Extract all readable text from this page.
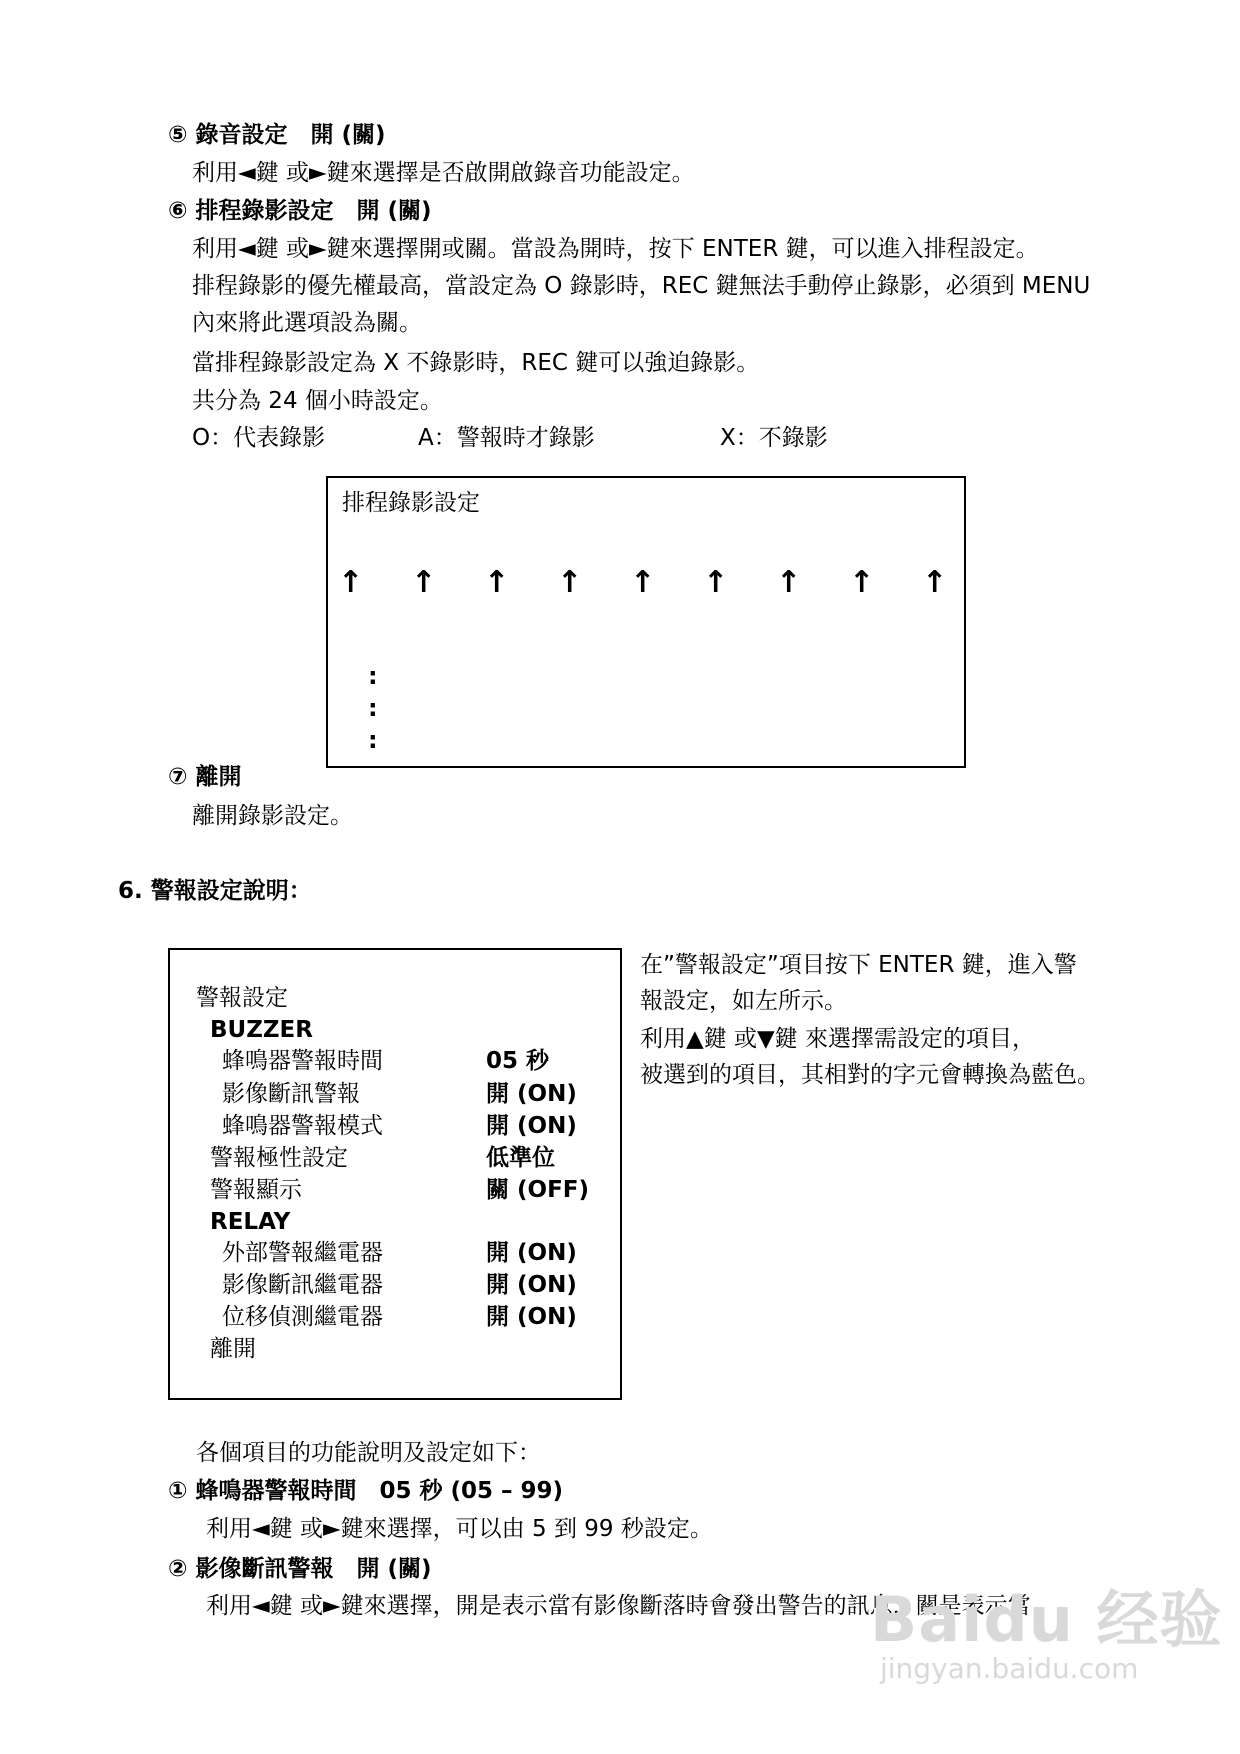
⑤ 錄音設定　開 (關)
利用◄鍵 或►鍵來選擇是否啟開啟錄音功能設定。
⑥ 排程錄影設定　開 (關)
利用◄鍵 或►鍵來選擇開或關。當設為開時，按下 ENTER 鍵，可以進入排程設定。
排程錄影的優先權最高，當設定為 O 錄影時，REC 鍵無法手動停止錄影，必須到 MENU
內來將此選項設為關。
當排程錄影設定為 X 不錄影時，REC 鍵可以強迫錄影。
共分為 24 個小時設定。
O：代表錄影	A：警報時才錄影	X：不錄影
排程錄影設定
↑ ↑ ↑ ↑ ↑ ↑ ↑ ↑ ↑
:
:
:
⑦ 離開
離開錄影設定。
6. 警報設定說明：
警報設定
BUZZER
蜂鳴器警報時間	05 秒
影像斷訊警報	開 (ON)
蜂鳴器警報模式	開 (ON)
警報極性設定	低準位
警報顯示	關 (OFF)
RELAY
外部警報繼電器	開 (ON)
影像斷訊繼電器	開 (ON)
位移偵測繼電器	開 (ON)
離開
在”警報設定”項目按下 ENTER 鍵，進入警
報設定，如左所示。
利用▲鍵 或▼鍵 來選擇需設定的項目，
被選到的項目，其相對的字元會轉換為藍色。
各個項目的功能說明及設定如下：
① 蜂鳴器警報時間　05 秒 (05 – 99)
利用◄鍵 或►鍵來選擇，可以由 5 到 99 秒設定。
② 影像斷訊警報　開 (關)
利用◄鍵 或►鍵來選擇，開是表示當有影像斷落時會發出警告的訊息，關是表示當
Baidu 经验
jingyan.baidu.com
